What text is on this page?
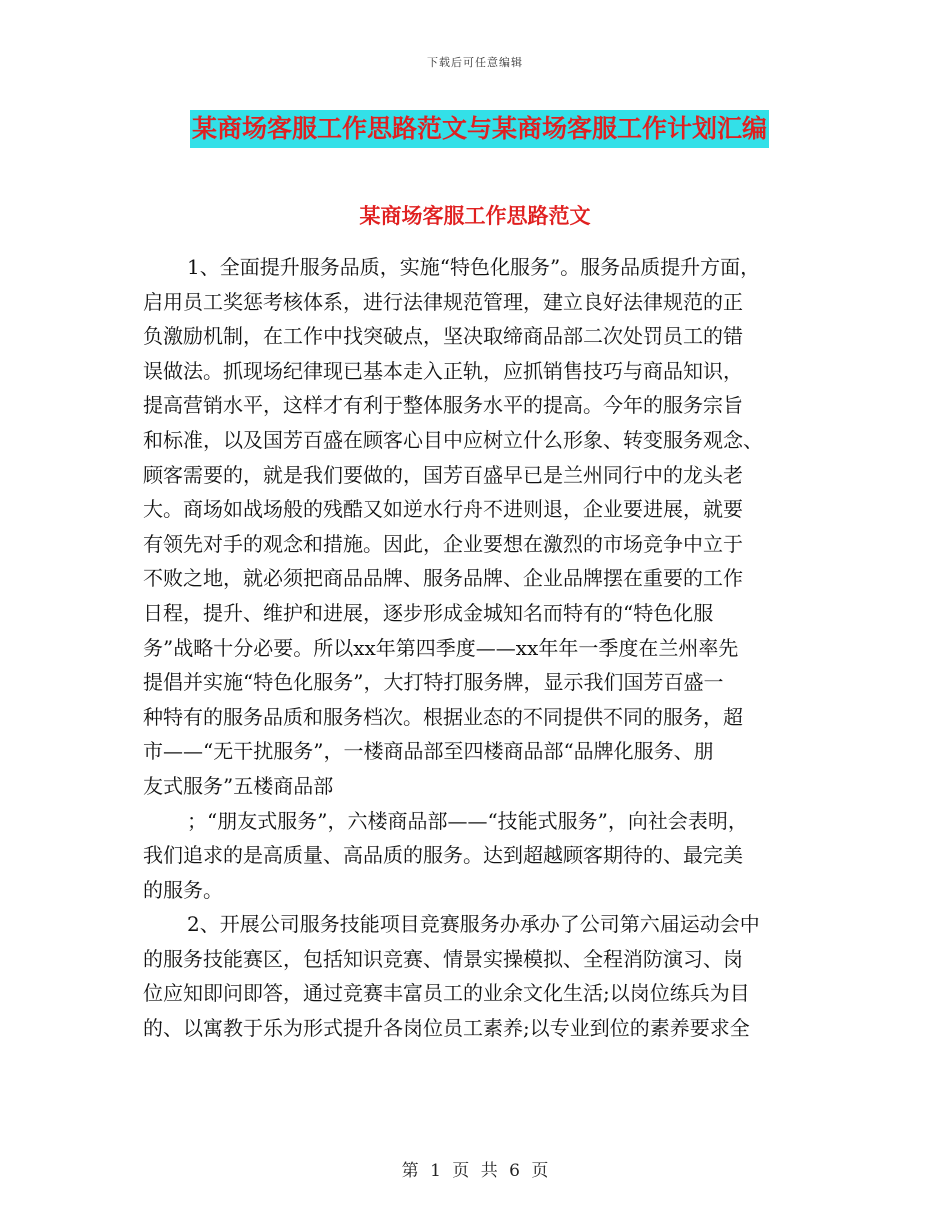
下载后可任意编辑
某商场客服工作思路范文与某商场客服工作计划汇编
某商场客服工作思路范文
1、全面提升服务品质，实施“特色化服务”。服务品质提升方面，
启用员工奖惩考核体系，进行法律规范管理，建立良好法律规范的正
负激励机制，在工作中找突破点，坚决取缔商品部二次处罚员工的错
误做法。抓现场纪律现已基本走入正轨，应抓销售技巧与商品知识，
提高营销水平，这样才有利于整体服务水平的提高。今年的服务宗旨
和标准，以及国芳百盛在顾客心目中应树立什么形象、转变服务观念、
顾客需要的，就是我们要做的，国芳百盛早已是兰州同行中的龙头老
大。商场如战场般的残酷又如逆水行舟不进则退，企业要进展，就要
有领先对手的观念和措施。因此，企业要想在激烈的市场竞争中立于
不败之地，就必须把商品品牌、服务品牌、企业品牌摆在重要的工作
日程，提升、维护和进展，逐步形成金城知名而特有的“特色化服
务”战略十分必要。所以xx年第四季度——xx年年一季度在兰州率先
提倡并实施“特色化服务”，大打特打服务牌，显示我们国芳百盛一
种特有的服务品质和服务档次。根据业态的不同提供不同的服务，超
市——“无干扰服务”，一楼商品部至四楼商品部“品牌化服务、朋
友式服务”五楼商品部
；“朋友式服务”，六楼商品部——“技能式服务”，向社会表明，
我们追求的是高质量、高品质的服务。达到超越顾客期待的、最完美
的服务。
2、开展公司服务技能项目竞赛服务办承办了公司第六届运动会中
的服务技能赛区，包括知识竞赛、情景实操模拟、全程消防演习、岗
位应知即问即答，通过竞赛丰富员工的业余文化生活;以岗位练兵为目
的、以寓教于乐为形式提升各岗位员工素养;以专业到位的素养要求全
第 1 页 共 6 页
